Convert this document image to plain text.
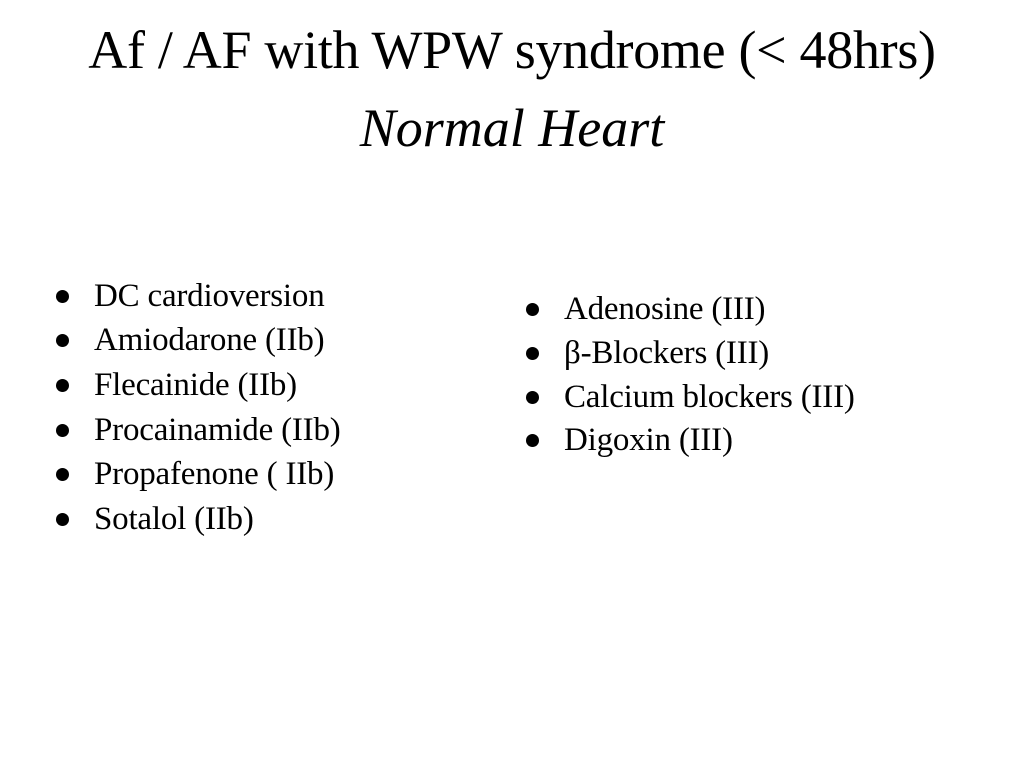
Af / AF with WPW syndrome (< 48hrs)
Normal Heart
DC cardioversion
Amiodarone (IIb)
Flecainide (IIb)
Procainamide (IIb)
Propafenone ( IIb)
Sotalol (IIb)
Adenosine (III)
β-Blockers (III)
Calcium blockers (III)
Digoxin (III)
